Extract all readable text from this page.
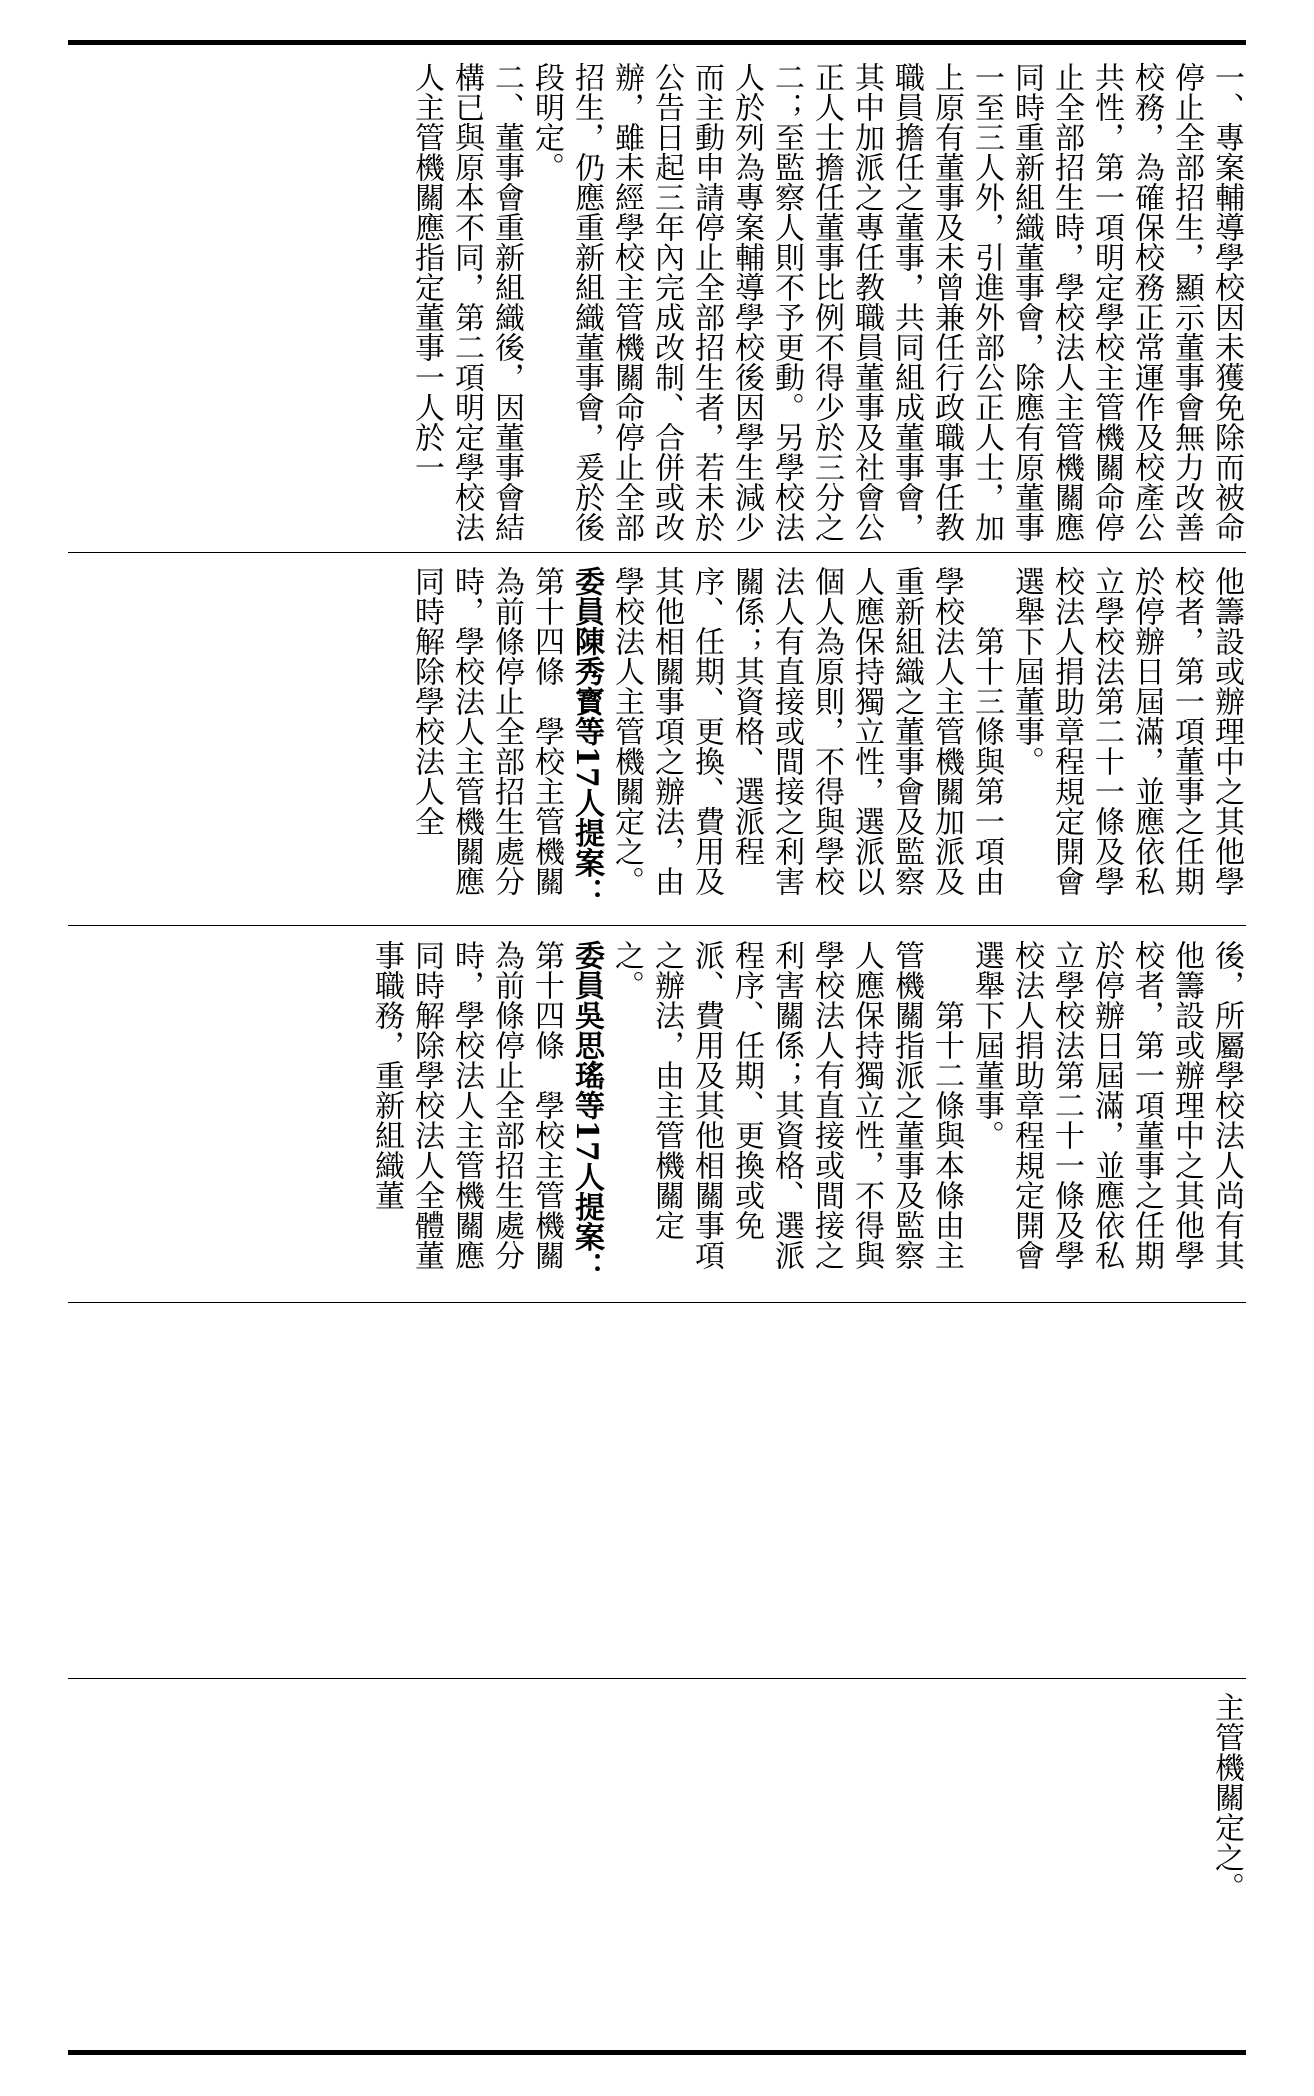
一、專案輔導學校因未獲免除而被命停止全部招生，顯示董事會無力改善校務，為確保校務正常運作及校產公共性，第一項明定學校主管機關命停止全部招生時，學校法人主管機關應同時重新組織董事會，除應有原董事一至三人外，引進外部公正人士，加上原有董事及未曾兼任行政職事任教職員擔任之董事，共同組成董事會，其中加派之專任教職員董事及社會公正人士擔任董事比例不得少於三分之二；至監察人則不予更動。另學校法人於列為專案輔導學校後因學生減少而主動申請停止全部招生者，若未於公告日起三年內完成改制、合併或改辦，雖未經學校主管機關命停止全部招生，仍應重新組織董事會，爰於後段明定。

二、董事會重新組織後，因董事會結構已與原本不同，第二項明定學校法人主管機關應指定董事一人於一

他籌設或辦理中之其他學校者，第一項董事之任期於停辦日屆滿，並應依私立學校法第二十一條及學校法人捐助章程規定開會選舉下屆董事。

第十三條與第一項由學校法人主管機關加派及重新組織之董事會及監察人應保持獨立性，選派以個人為原則，不得與學校法人有直接或間接之利害關係；其資格、選派程序、任期、更換、費用及其他相關事項之辦法，由學校法人主管機關定之。

委員陳秀寳等17人提案：

第十四條　學校主管機關為前條停止全部招生處分時，學校法人主管機關應同時解除學校法人全

後，所屬學校法人尚有其他籌設或辦理中之其他學校者，第一項董事之任期於停辦日屆滿，並應依私立學校法第二十一條及學校法人捐助章程規定開會選舉下屆董事。

第十二條與本條由主管機關指派之董事及監察人應保持獨立性，不得與學校法人有直接或間接之利害關係；其資格、選派程序、任期、更換或免派、費用及其他相關事項之辦法，由主管機關定之。

委員吳思瑤等17人提案：

第十四條　學校主管機關為前條停止全部招生處分時，學校法人主管機關應同時解除學校法人全體董事職務，重新組織董

主管機關定之。
